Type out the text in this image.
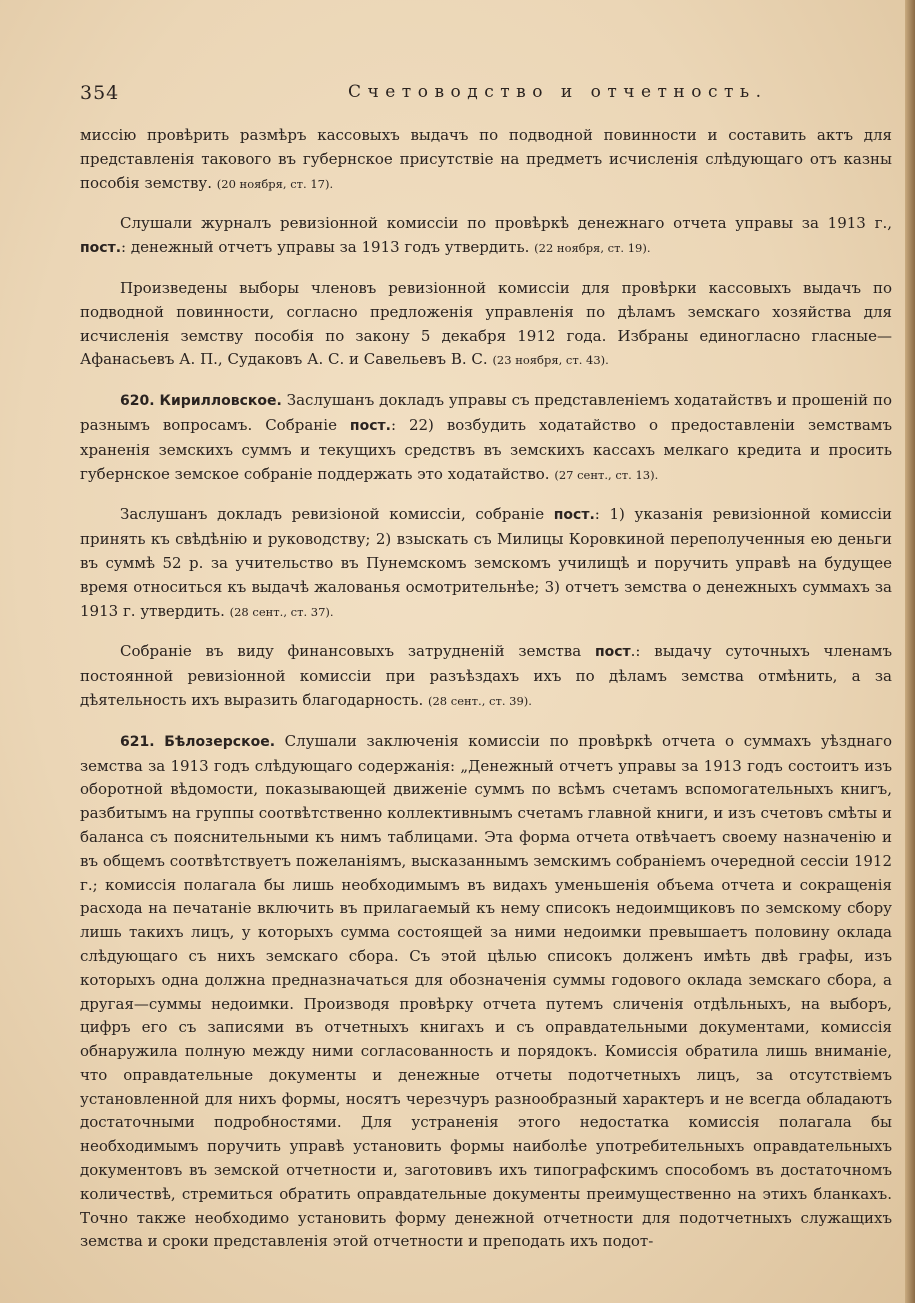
354	Счетоводство и отчетность.

миссію провѣрить размѣръ кассовыхъ выдачъ по подводной повинности и составить актъ для представленія такового въ губернское присутствіе на предметъ исчисленія слѣдующаго отъ казны пособія земству. (20 ноября, ст. 17).

Слушали журналъ ревизіонной комиссіи по провѣркѣ денежнаго отчета управы за 1913 г., пост.: денежный отчетъ управы за 1913 годъ утвердить. (22 ноября, ст. 19).

Произведены выборы членовъ ревизіонной комиссіи для провѣрки кассовыхъ выдачъ по подводной повинности, согласно предложенія управленія по дѣламъ земскаго хозяйства для исчисленія земству пособія по закону 5 декабря 1912 года. Избраны единогласно гласные—Афанасьевъ А. П., Судаковъ А. С. и Савельевъ В. С. (23 ноября, ст. 43).

620. Кирилловское. Заслушанъ докладъ управы съ представленіемъ ходатайствъ и прошеній по разнымъ вопросамъ. Собраніе пост.: 22) возбудить ходатайство о предоставленіи земствамъ храненія земскихъ суммъ и текущихъ средствъ въ земскихъ кассахъ мелкаго кредита и просить губернское земское собраніе поддержать это ходатайство. (27 сент., ст. 13).

Заслушанъ докладъ ревизіоной комиссіи, собраніе пост.: 1) указанія ревизіонной комиссіи принять къ свѣдѣнію и руководству; 2) взыскать съ Милицы Коровкиной переполученныя ею деньги въ суммѣ 52 р. за учительство въ Пунемскомъ земскомъ училищѣ и поручить управѣ на будущее время относиться къ выдачѣ жалованья осмотрительнѣе; 3) отчетъ земства о денежныхъ суммахъ за 1913 г. утвердить. (28 сент., ст. 37).

Собраніе въ виду финансовыхъ затрудненій земства пост.: выдачу суточныхъ членамъ постоянной ревизіонной комиссіи при разъѣздахъ ихъ по дѣламъ земства отмѣнить, а за дѣятельность ихъ выразить благодарность. (28 сент., ст. 39).

621. Бѣлозерское. Слушали заключенія комиссіи по провѣркѣ отчета о суммахъ уѣзднаго земства за 1913 годъ слѣдующаго содержанія: „Денежный отчетъ управы за 1913 годъ состоитъ изъ оборотной вѣдомости, показывающей движеніе суммъ по всѣмъ счетамъ вспомогательныхъ книгъ, разбитымъ на группы соотвѣтственно коллективнымъ счетамъ главной книги, и изъ счетовъ смѣты и баланса съ пояснительными къ нимъ таблицами. Эта форма отчета отвѣчаетъ своему назначенію и въ общемъ соотвѣтствуетъ пожеланіямъ, высказаннымъ земскимъ собраніемъ очередной сессіи 1912 г.; комиссія полагала бы лишь необходимымъ въ видахъ уменьшенія объема отчета и сокращенія расхода на печатаніе включить въ прилагаемый къ нему списокъ недоимщиковъ по земскому сбору лишь такихъ лицъ, у которыхъ сумма состоящей за ними недоимки превышаетъ половину оклада слѣдующаго съ нихъ земскаго сбора. Съ этой цѣлью списокъ долженъ имѣть двѣ графы, изъ которыхъ одна должна предназначаться для обозначенія суммы годового оклада земскаго сбора, а другая—суммы недоимки. Производя провѣрку отчета путемъ сличенія отдѣльныхъ, на выборъ, цифръ его съ записями въ отчетныхъ книгахъ и съ оправдательными документами, комиссія обнаружила полную между ними согласованность и порядокъ. Комиссія обратила лишь вниманіе, что оправдательные документы и денежные отчеты подотчетныхъ лицъ, за отсутствіемъ установленной для нихъ формы, носятъ черезчуръ разнообразный характеръ и не всегда обладаютъ достаточными подробностями. Для устраненія этого недостатка комиссія полагала бы необходимымъ поручить управѣ установить формы наиболѣе употребительныхъ оправдательныхъ документовъ въ земской отчетности и, заготовивъ ихъ типографскимъ способомъ въ достаточномъ количествѣ, стремиться обратить оправдательные документы преимущественно на этихъ бланкахъ. Точно также необходимо установить форму денежной отчетности для подотчетныхъ служащихъ земства и сроки представленія этой отчетности и преподать ихъ подот-
